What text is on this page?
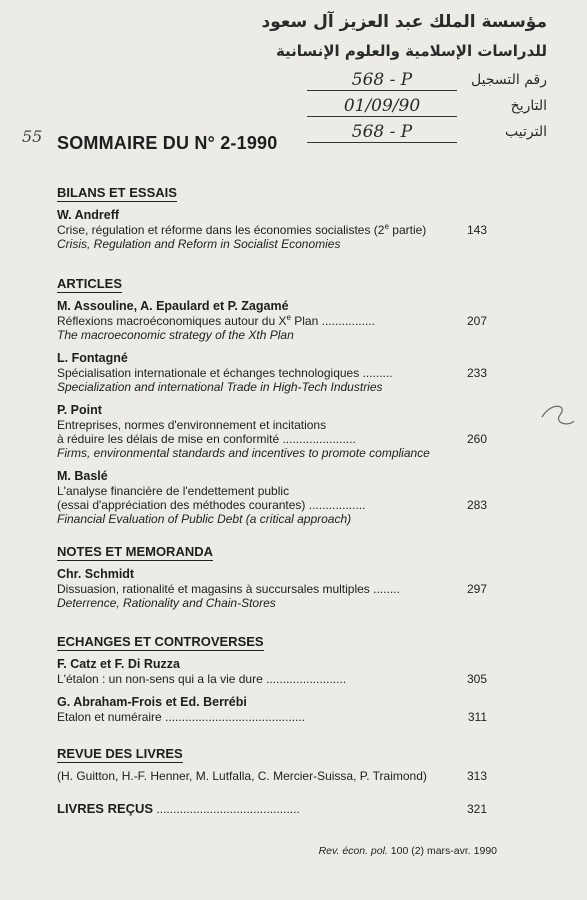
مؤسسة الملك عبد العزيز آل سعود
للدراسات الإسلامية والعلوم الإنسانية
رقم التسجيل
568 - P
التاريخ
01/09/90
الترتيب
568 - P
55 SOMMAIRE DU N° 2-1990
BILANS ET ESSAIS
W. Andreff
Crise, régulation et réforme dans les économies socialistes (2e partie)	143
Crisis, Regulation and Reform in Socialist Economies
ARTICLES
M. Assouline, A. Epaulard et P. Zagamé
Réflexions macroéconomiques autour du Xe Plan ................	207
The macroeconomic strategy of the Xth Plan
L. Fontagné
Spécialisation internationale et échanges technologiques .........	233
Specialization and international Trade in High-Tech Industries
P. Point
Entreprises, normes d'environnement et incitations
à réduire les délais de mise en conformité ......................	260
Firms, environmental standards and incentives to promote compliance
M. Baslé
L'analyse financière de l'endettement public
(essai d'appréciation des méthodes courantes) .................	283
Financial Evaluation of Public Debt (a critical approach)
NOTES ET MEMORANDA
Chr. Schmidt
Dissuasion, rationalité et magasins à succursales multiples ........	297
Deterrence, Rationality and Chain-Stores
ECHANGES ET CONTROVERSES
F. Catz et F. Di Ruzza
L'étalon : un non-sens qui a la vie dure ........................	305
G. Abraham-Frois et Ed. Berrébi
Etalon et numéraire ..........................................	311
REVUE DES LIVRES
(H. Guitton, H.-F. Henner, M. Lutfalla, C. Mercier-Suissa, P. Traimond)	313
LIVRES REÇUS ...........................................	321
Rev. écon. pol. 100 (2) mars-avr. 1990
